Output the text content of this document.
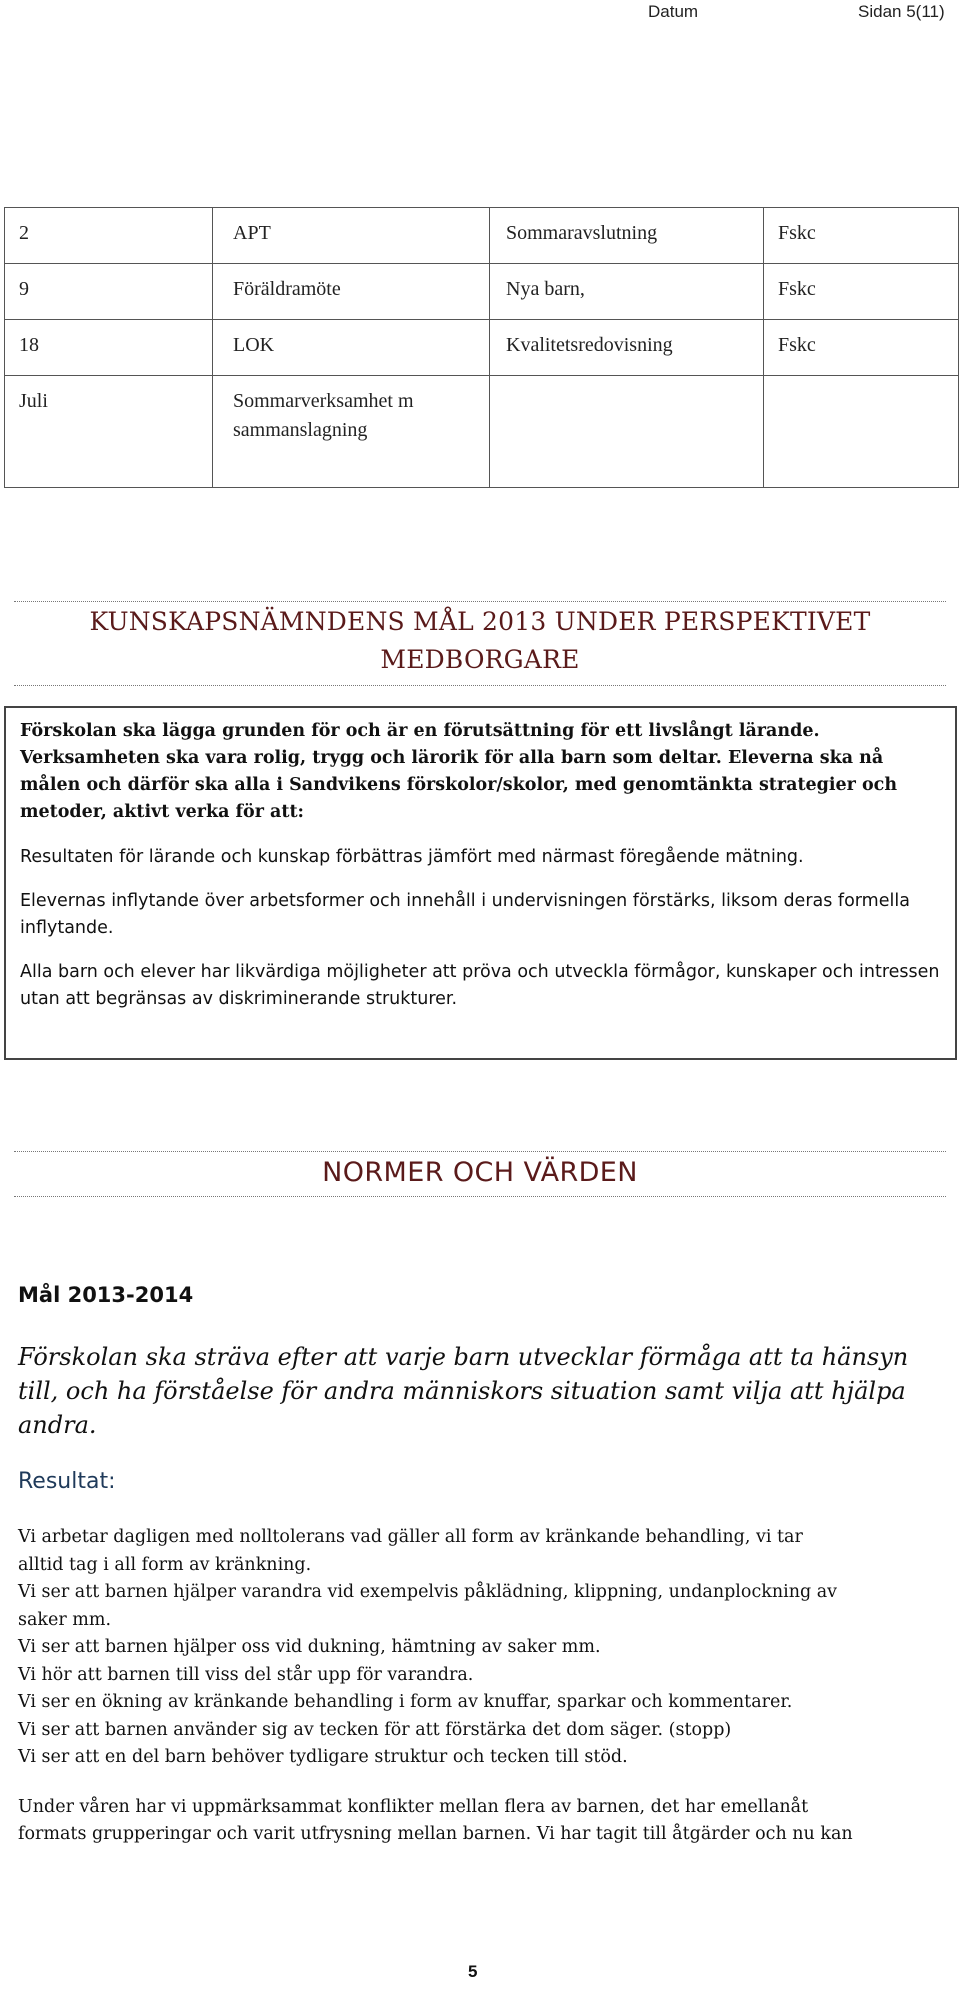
Datum	Sidan 5(11)
2	APT	Sommaravslutning	Fskc
9	Föräldramöte	Nya barn,	Fskc
18	LOK	Kvalitetsredovisning	Fskc
Juli	Sommarverksamhet m sammanslagning		
KUNSKAPSNÄMNDENS MÅL 2013 UNDER PERSPEKTIVET
MEDBORGARE
Förskolan ska lägga grunden för och är en förutsättning för ett livslångt lärande. Verksamheten ska vara rolig, trygg och lärorik för alla barn som deltar. Eleverna ska nå målen och därför ska alla i Sandvikens förskolor/skolor, med genomtänkta strategier och metoder, aktivt verka för att:

Resultaten för lärande och kunskap förbättras jämfört med närmast föregående mätning.

Elevernas inflytande över arbetsformer och innehåll i undervisningen förstärks, liksom deras formella inflytande.

Alla barn och elever har likvärdiga möjligheter att pröva och utveckla förmågor, kunskaper och intressen utan att begränsas av diskriminerande strukturer.

NORMER OCH VÄRDEN
Mål 2013-2014
Förskolan ska sträva efter att varje barn utvecklar förmåga att ta hänsyn till, och ha förståelse för andra människors situation samt vilja att hjälpa andra.
Resultat:
Vi arbetar dagligen med nolltolerans vad gäller all form av kränkande behandling, vi tar
alltid tag i all form av kränkning.
Vi ser att barnen hjälper varandra vid exempelvis påklädning, klippning, undanplockning av
saker mm.
Vi ser att barnen hjälper oss vid dukning, hämtning av saker mm.
Vi hör att barnen till viss del står upp för varandra.
Vi ser en ökning av kränkande behandling i form av knuffar, sparkar och kommentarer.
Vi ser att barnen använder sig av tecken för att förstärka det dom säger. (stopp)
Vi ser att en del barn behöver tydligare struktur och tecken till stöd.
Under våren har vi uppmärksammat konflikter mellan flera av barnen, det har emellanåt
formats grupperingar och varit utfrysning mellan barnen. Vi har tagit till åtgärder och nu kan
5
